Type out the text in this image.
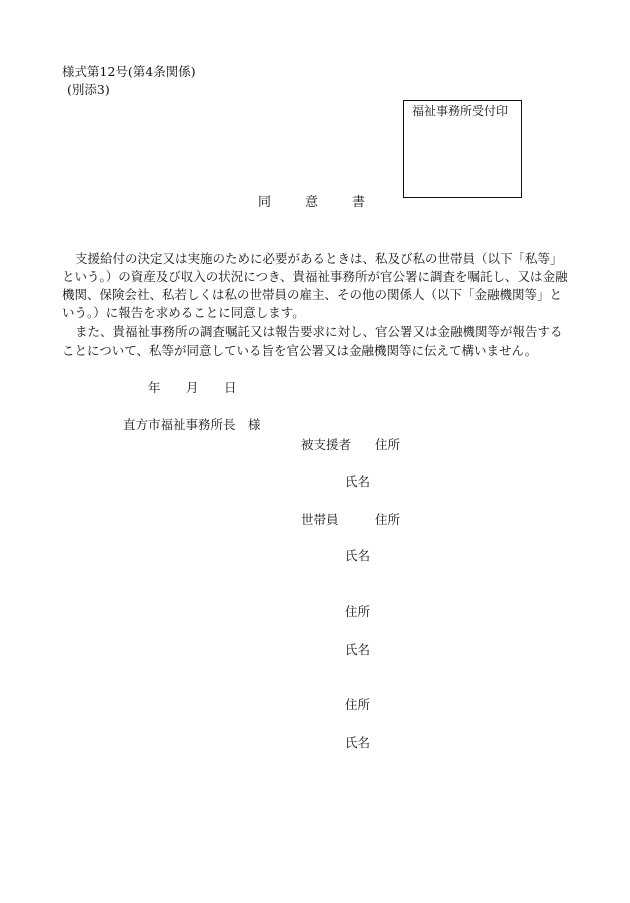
様式第12号(第4条関係)
(別添3)
福祉事務所受付印
同	意	書
支援給付の決定又は実施のために必要があるときは、私及び私の世帯員（以下「私等」
という。）の資産及び収入の状況につき、貴福祉事務所が官公署に調査を嘱託し、又は金融
機関、保険会社、私若しくは私の世帯員の雇主、その他の関係人（以下「金融機関等」と
いう。）に報告を求めることに同意します。
また、貴福祉事務所の調査嘱託又は報告要求に対し、官公署又は金融機関等が報告する
ことについて、私等が同意している旨を官公署又は金融機関等に伝えて構いません。
年 月 日
直方市福祉事務所長　様
被支援者 住所
氏名
世帯員	住所
氏名
住所
氏名
住所
氏名
